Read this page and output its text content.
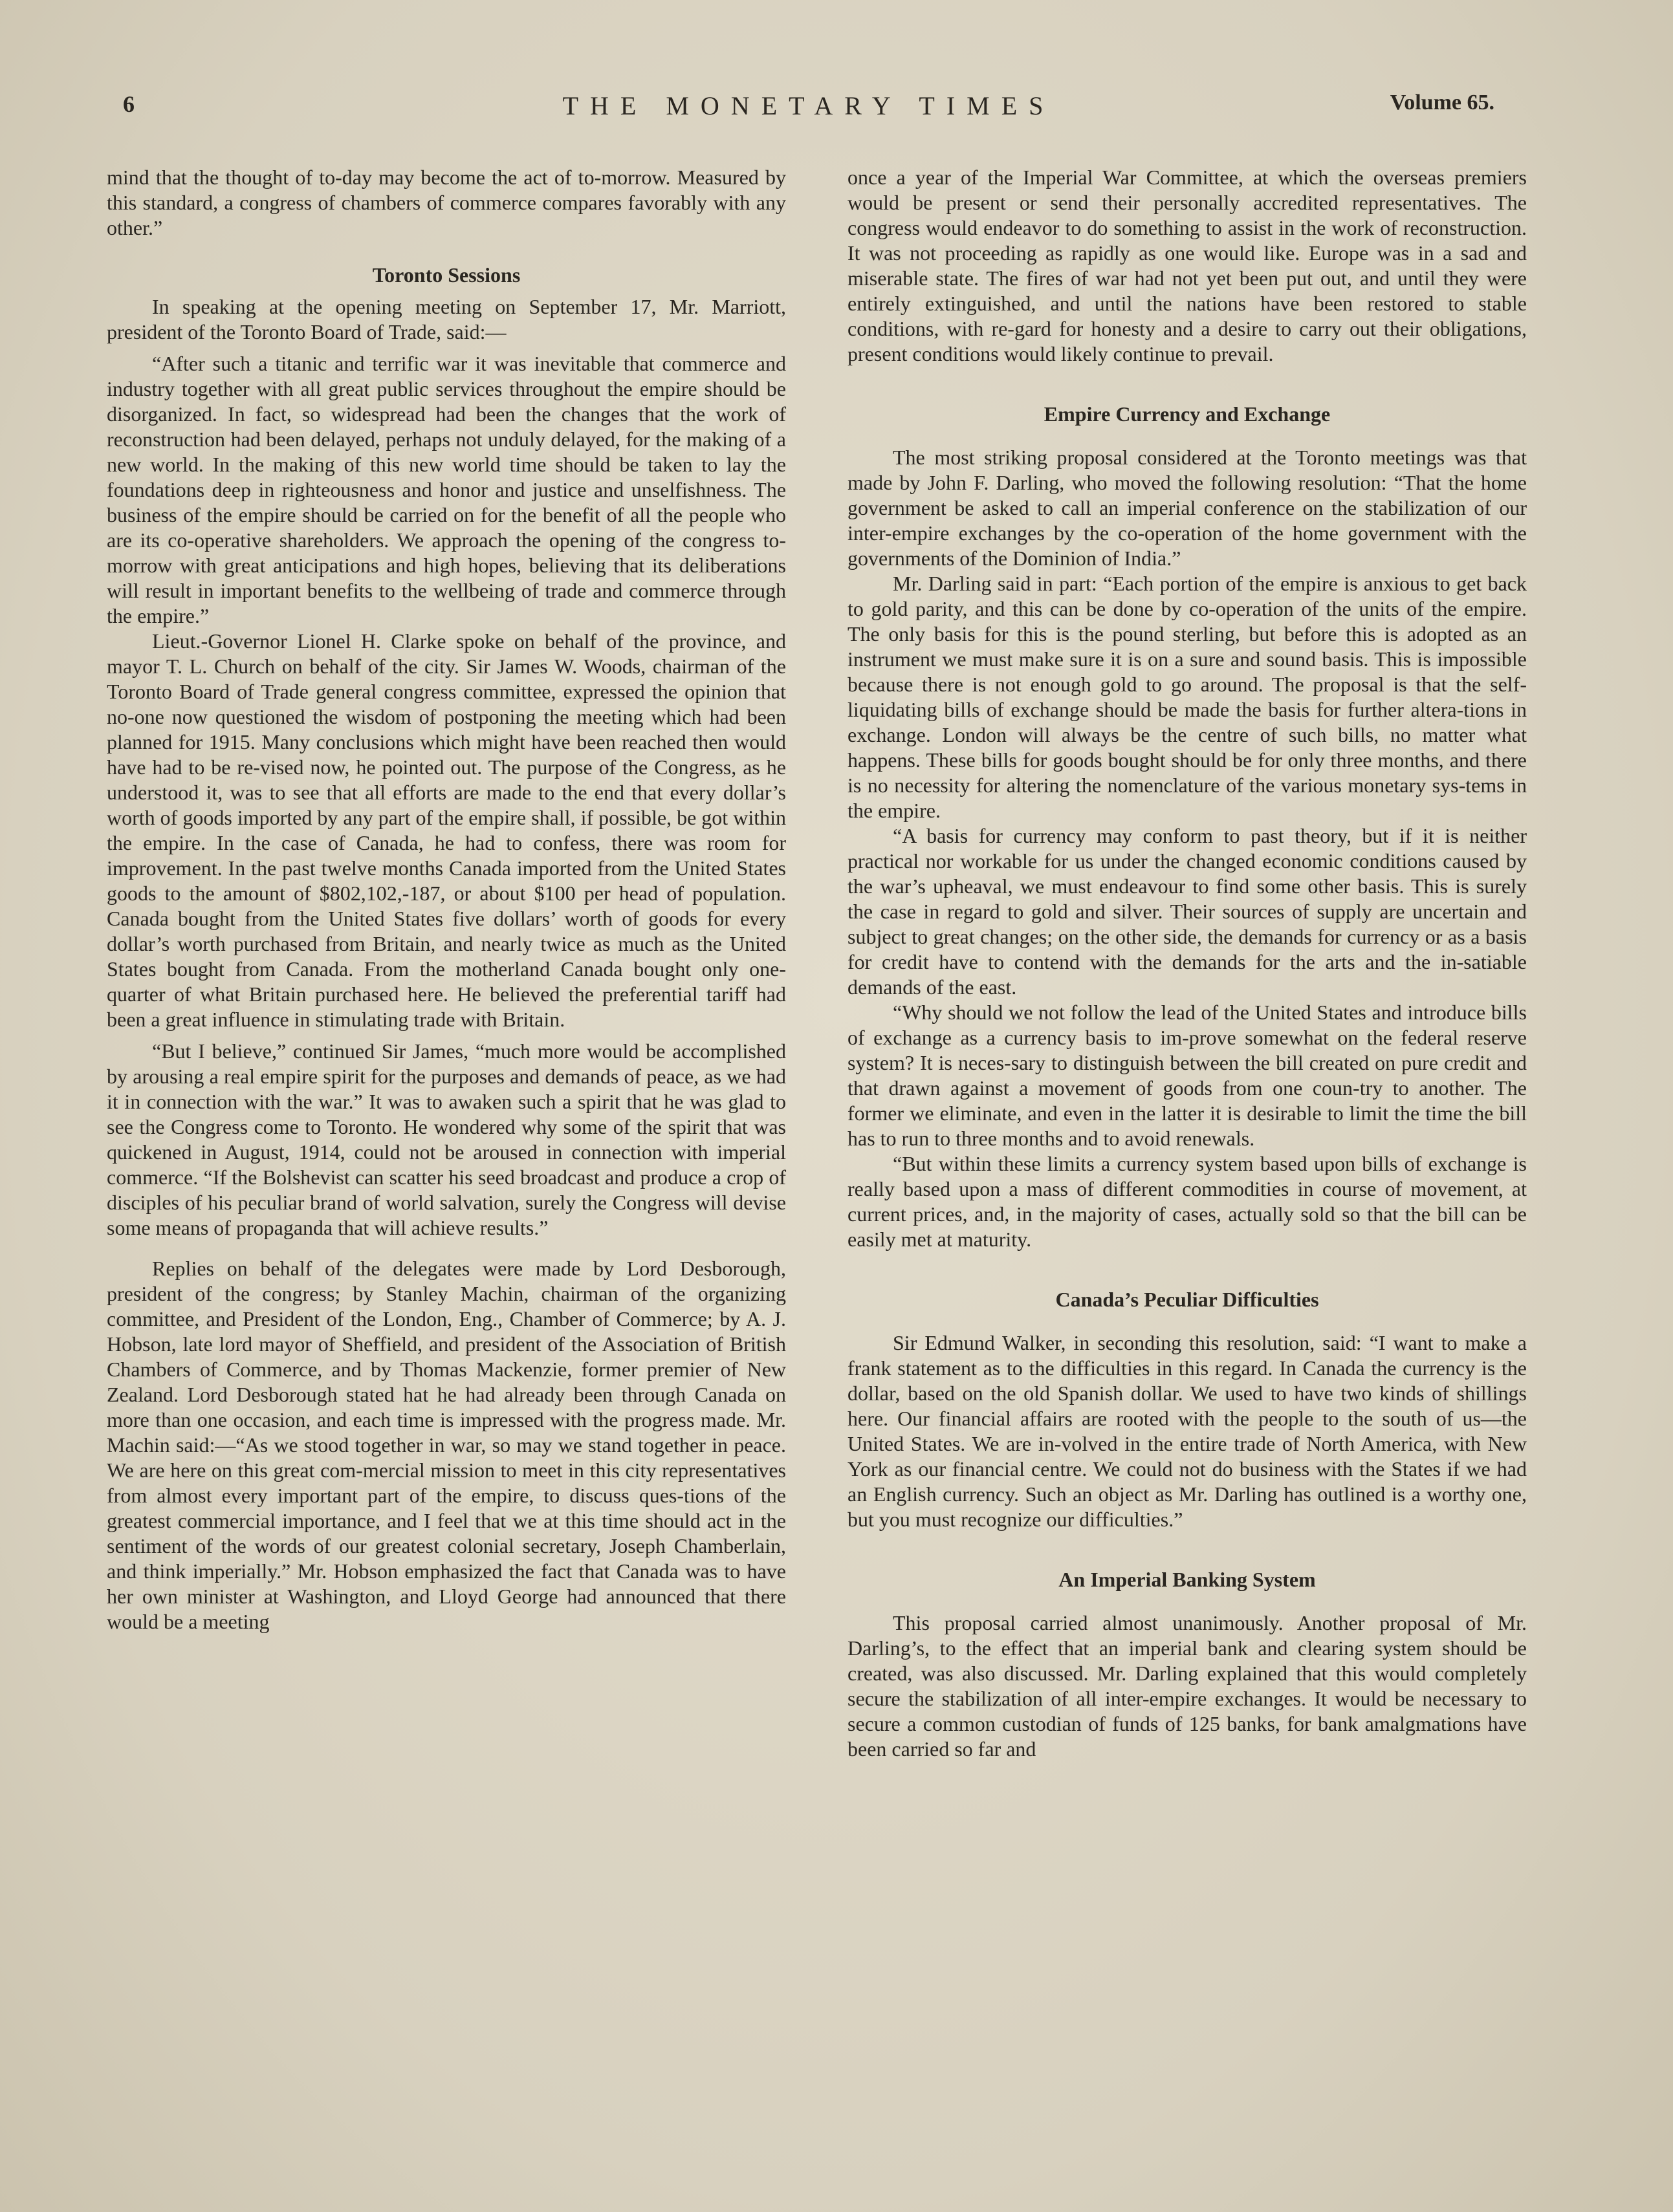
6	THE MONETARY TIMES	Volume 65.

mind that the thought of to-day may become the act of to-morrow. Measured by this standard, a congress of chambers of commerce compares favorably with any other.”

Toronto Sessions

In speaking at the opening meeting on September 17, Mr. Marriott, president of the Toronto Board of Trade, said:—

“After such a titanic and terrific war it was inevitable that commerce and industry together with all great public services throughout the empire should be disorganized. In fact, so widespread had been the changes that the work of reconstruction had been delayed, perhaps not unduly delayed, for the making of a new world. In the making of this new world time should be taken to lay the foundations deep in righteousness and honor and justice and unselfishness. The business of the empire should be carried on for the benefit of all the people who are its co-operative shareholders. We approach the opening of the congress to-morrow with great anticipations and high hopes, believing that its deliberations will result in important benefits to the wellbeing of trade and commerce through the empire.”

Lieut.-Governor Lionel H. Clarke spoke on behalf of the province, and mayor T. L. Church on behalf of the city. Sir James W. Woods, chairman of the Toronto Board of Trade general congress committee, expressed the opinion that no-one now questioned the wisdom of postponing the meeting which had been planned for 1915. Many conclusions which might have been reached then would have had to be re-vised now, he pointed out. The purpose of the Congress, as he understood it, was to see that all efforts are made to the end that every dollar’s worth of goods imported by any part of the empire shall, if possible, be got within the empire. In the case of Canada, he had to confess, there was room for improvement. In the past twelve months Canada imported from the United States goods to the amount of $802,102,-187, or about $100 per head of population. Canada bought from the United States five dollars’ worth of goods for every dollar’s worth purchased from Britain, and nearly twice as much as the United States bought from Canada. From the motherland Canada bought only one-quarter of what Britain purchased here. He believed the preferential tariff had been a great influence in stimulating trade with Britain.

“But I believe,” continued Sir James, “much more would be accomplished by arousing a real empire spirit for the purposes and demands of peace, as we had it in connection with the war.” It was to awaken such a spirit that he was glad to see the Congress come to Toronto. He wondered why some of the spirit that was quickened in August, 1914, could not be aroused in connection with imperial commerce. “If the Bolshevist can scatter his seed broadcast and produce a crop of disciples of his peculiar brand of world salvation, surely the Congress will devise some means of propaganda that will achieve results.”

Replies on behalf of the delegates were made by Lord Desborough, president of the congress; by Stanley Machin, chairman of the organizing committee, and President of the London, Eng., Chamber of Commerce; by A. J. Hobson, late lord mayor of Sheffield, and president of the Association of British Chambers of Commerce, and by Thomas Mackenzie, former premier of New Zealand. Lord Desborough stated hat he had already been through Canada on more than one occasion, and each time is impressed with the progress made. Mr. Machin said:—“As we stood together in war, so may we stand together in peace. We are here on this great com-mercial mission to meet in this city representatives from almost every important part of the empire, to discuss ques-tions of the greatest commercial importance, and I feel that we at this time should act in the sentiment of the words of our greatest colonial secretary, Joseph Chamberlain, and think imperially.” Mr. Hobson emphasized the fact that Canada was to have her own minister at Washington, and Lloyd George had announced that there would be a meeting

once a year of the Imperial War Committee, at which the overseas premiers would be present or send their personally accredited representatives. The congress would endeavor to do something to assist in the work of reconstruction. It was not proceeding as rapidly as one would like. Europe was in a sad and miserable state. The fires of war had not yet been put out, and until they were entirely extinguished, and until the nations have been restored to stable conditions, with re-gard for honesty and a desire to carry out their obligations, present conditions would likely continue to prevail.

Empire Currency and Exchange

The most striking proposal considered at the Toronto meetings was that made by John F. Darling, who moved the following resolution: “That the home government be asked to call an imperial conference on the stabilization of our inter-empire exchanges by the co-operation of the home government with the governments of the Dominion of India.”

Mr. Darling said in part: “Each portion of the empire is anxious to get back to gold parity, and this can be done by co-operation of the units of the empire. The only basis for this is the pound sterling, but before this is adopted as an instrument we must make sure it is on a sure and sound basis. This is impossible because there is not enough gold to go around. The proposal is that the self-liquidating bills of exchange should be made the basis for further altera-tions in exchange. London will always be the centre of such bills, no matter what happens. These bills for goods bought should be for only three months, and there is no necessity for altering the nomenclature of the various monetary sys-tems in the empire.

“A basis for currency may conform to past theory, but if it is neither practical nor workable for us under the changed economic conditions caused by the war’s upheaval, we must endeavour to find some other basis. This is surely the case in regard to gold and silver. Their sources of supply are uncertain and subject to great changes; on the other side, the demands for currency or as a basis for credit have to contend with the demands for the arts and the in-satiable demands of the east.

“Why should we not follow the lead of the United States and introduce bills of exchange as a currency basis to im-prove somewhat on the federal reserve system? It is neces-sary to distinguish between the bill created on pure credit and that drawn against a movement of goods from one coun-try to another. The former we eliminate, and even in the latter it is desirable to limit the time the bill has to run to three months and to avoid renewals.

“But within these limits a currency system based upon bills of exchange is really based upon a mass of different commodities in course of movement, at current prices, and, in the majority of cases, actually sold so that the bill can be easily met at maturity.

Canada’s Peculiar Difficulties

Sir Edmund Walker, in seconding this resolution, said: “I want to make a frank statement as to the difficulties in this regard. In Canada the currency is the dollar, based on the old Spanish dollar. We used to have two kinds of shillings here. Our financial affairs are rooted with the people to the south of us—the United States. We are in-volved in the entire trade of North America, with New York as our financial centre. We could not do business with the States if we had an English currency. Such an object as Mr. Darling has outlined is a worthy one, but you must recognize our difficulties.”

An Imperial Banking System

This proposal carried almost unanimously. Another proposal of Mr. Darling’s, to the effect that an imperial bank and clearing system should be created, was also discussed. Mr. Darling explained that this would completely secure the stabilization of all inter-empire exchanges. It would be necessary to secure a common custodian of funds of 125 banks, for bank amalgmations have been carried so far and
